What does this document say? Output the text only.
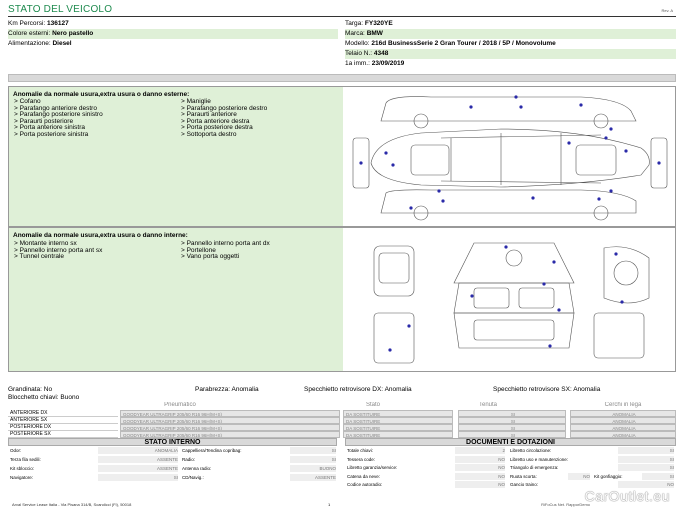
STATO DEL VEICOLO	Rev. A
Km Percorsi: 136127
Colore esterni: Nero pastello
Alimentazione: Diesel
Targa: FY320YE
Marca: BMW
Modello: 216d BusinessSerie 2 Gran Tourer / 2018 / 5P / Monovolume
Telaio N.: 4348
1a imm.: 23/09/2019
Anomalie da normale usura,extra usura o danno esterne:
> Cofano
> Parafango anteriore destro
> Parafango posteriore sinistro
> Paraurti posteriore
> Porta anteriore sinistra
> Porta posteriore sinistra
> Maniglie
> Parafango posteriore destro
> Paraurti anteriore
> Porta anteriore destra
> Porta posteriore destra
> Sottoporta destro
Anomalie da normale usura,extra usura o danno interne:
> Montante interno sx
> Pannello interno porta ant sx
> Tunnel centrale
> Pannello interno porta ant dx
> Portellone
> Vano porta oggetti
Grandinata: No
Blocchetto chiavi: Buono
Parabrezza: Anomalia	Specchietto retrovisore DX: Anomalia	Specchietto retrovisore SX: Anomalia
Pneumatico	Stato	Tenuta	Cerchi in lega
ANTERIORE DX	GOODYEAR ULTRAGRIP 205/60 R16 96H(M+S)	DA SOSTITUIRE	SI	ANOMALIA
ANTERIORE SX	GOODYEAR ULTRAGRIP 205/60 R16 96H(M+S)	DA SOSTITUIRE	SI	ANOMALIA
POSTERIORE DX	GOODYEAR ULTRAGRIP 205/60 R16 96H(M+S)	DA SOSTITUIRE	SI	ANOMALIA
POSTERIORE SX	GOODYEAR ULTRAGRIP 205/60 R16 96H(M+S)	DA SOSTITUIRE	SI	ANOMALIA
STATO INTERNO
Odor:	ANOMALIA Cappelliera/Tendina copribag:	SI
Terza fila sedili:	ASSENTE Radio:	SI
Kit sbloccio:	ASSENTE Antenna radio:	BUONO
Navigatore:	SI CD/Navig.:	ASSENTE
DOCUMENTI E DOTAZIONI
Totale chiavi:	2	Libretto circolazione:	SI
Tessera code:	NO	Libretto uso e manutenzione:	SI
Libretto garanzia/service:	NO	Triangolo di emergenza:	SI
Catena da neve:	NO	Ruota scorta:	NO Kit gonfiaggio:	SI
Codice autoradio:	NO	Gancio traino:	NO
Arval Service Lease Italia - Via Pisana 314/B, Scandicci (FI), 50018	1	RiFoCus Net. RapporDemo
CarOutlet.eu
